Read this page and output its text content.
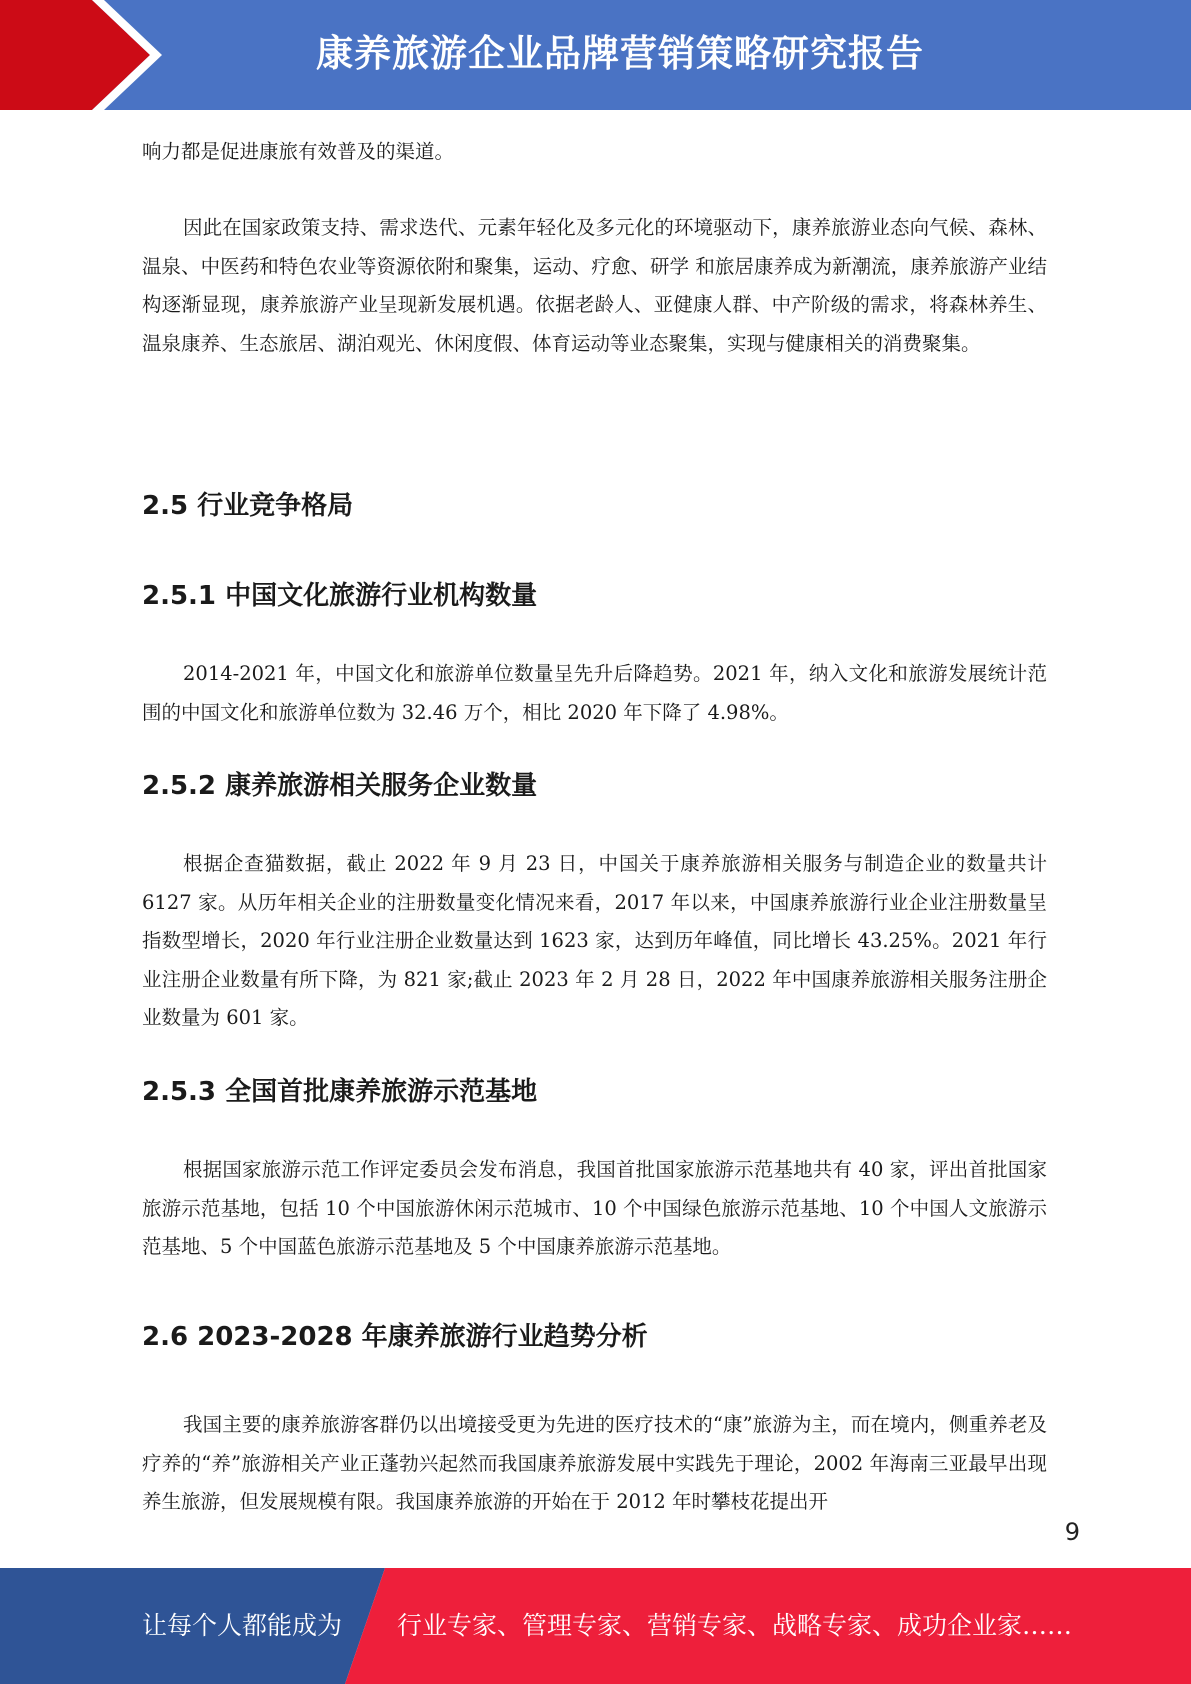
康养旅游企业品牌营销策略研究报告

响力都是促进康旅有效普及的渠道。

因此在国家政策支持、需求迭代、元素年轻化及多元化的环境驱动下，康养旅游业态向气候、森林、温泉、中医药和特色农业等资源依附和聚集，运动、疗愈、研学 和旅居康养成为新潮流，康养旅游产业结构逐渐显现，康养旅游产业呈现新发展机遇。依据老龄人、亚健康人群、中产阶级的需求，将森林养生、温泉康养、生态旅居、湖泊观光、休闲度假、体育运动等业态聚集，实现与健康相关的消费聚集。

2.5 行业竞争格局
2.5.1 中国文化旅游行业机构数量

2014-2021 年，中国文化和旅游单位数量呈先升后降趋势。2021 年，纳入文化和旅游发展统计范围的中国文化和旅游单位数为 32.46 万个，相比 2020 年下降了 4.98%。

2.5.2 康养旅游相关服务企业数量

根据企查猫数据，截止 2022 年 9 月 23 日，中国关于康养旅游相关服务与制造企业的数量共计 6127 家。从历年相关企业的注册数量变化情况来看，2017 年以来，中国康养旅游行业企业注册数量呈指数型增长，2020 年行业注册企业数量达到 1623 家，达到历年峰值，同比增长 43.25%。2021 年行业注册企业数量有所下降，为 821 家;截止 2023 年 2 月 28 日，2022 年中国康养旅游相关服务注册企业数量为 601 家。

2.5.3 全国首批康养旅游示范基地

根据国家旅游示范工作评定委员会发布消息，我国首批国家旅游示范基地共有 40 家，评出首批国家旅游示范基地，包括 10 个中国旅游休闲示范城市、10 个中国绿色旅游示范基地、10 个中国人文旅游示范基地、5 个中国蓝色旅游示范基地及 5 个中国康养旅游示范基地。

2.6 2023-2028 年康养旅游行业趋势分析

我国主要的康养旅游客群仍以出境接受更为先进的医疗技术的“康”旅游为主，而在境内，侧重养老及疗养的“养”旅游相关产业正蓬勃兴起然而我国康养旅游发展中实践先于理论，2002 年海南三亚最早出现养生旅游，但发展规模有限。我国康养旅游的开始在于 2012 年时攀枝花提出开

9
让每个人都能成为 行业专家、管理专家、营销专家、战略专家、成功企业家……
